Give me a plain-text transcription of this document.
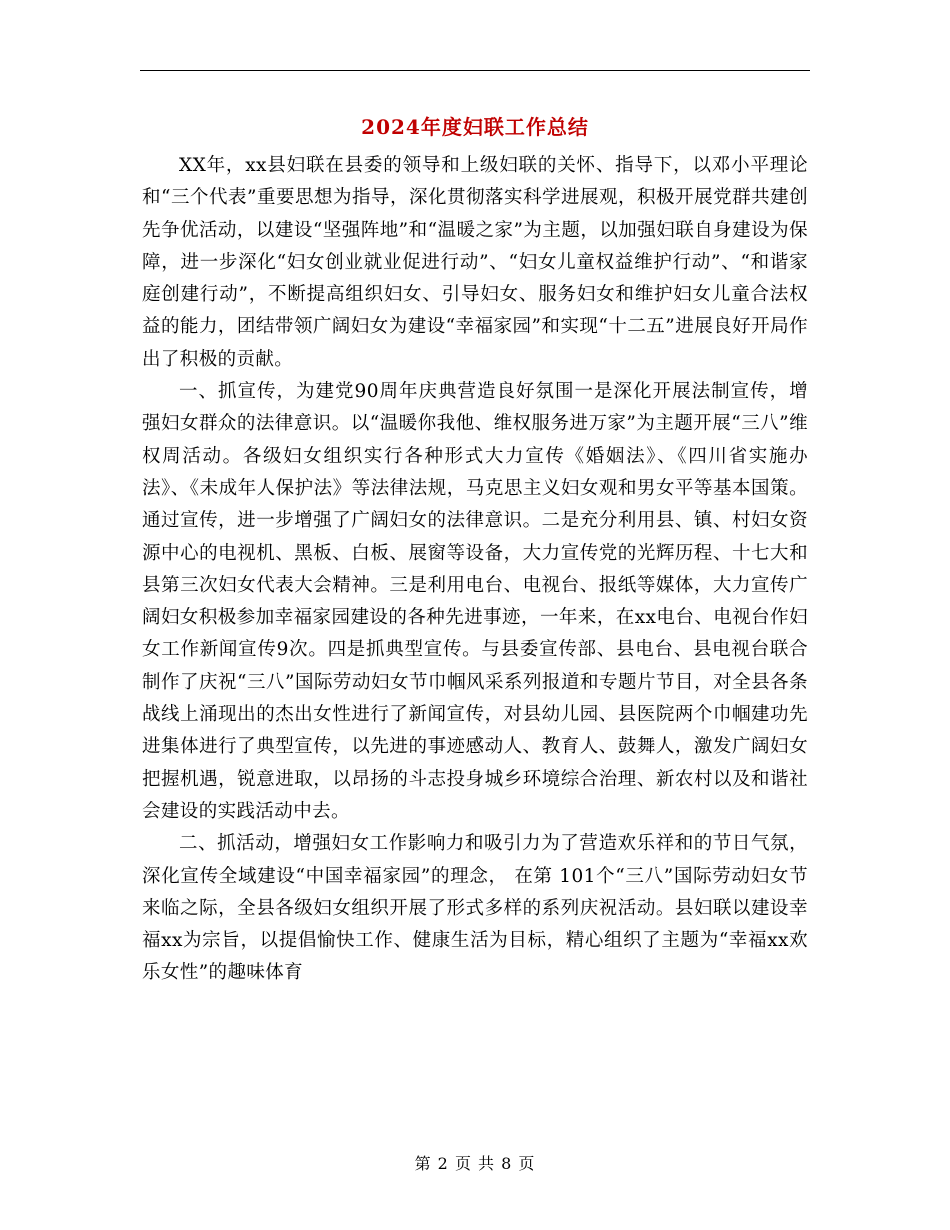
2024年度妇联工作总结

XX年，xx县妇联在县委的领导和上级妇联的关怀、指导下，以邓小平理论和“三个代表”重要思想为指导，深化贯彻落实科学进展观，积极开展党群共建创先争优活动，以建设“坚强阵地”和“温暖之家”为主题，以加强妇联自身建设为保障，进一步深化“妇女创业就业促进行动”、“妇女儿童权益维护行动”、“和谐家庭创建行动”，不断提高组织妇女、引导妇女、服务妇女和维护妇女儿童合法权益的能力，团结带领广阔妇女为建设“幸福家园”和实现“十二五”进展良好开局作出了积极的贡献。

一、抓宣传，为建党90周年庆典营造良好氛围一是深化开展法制宣传，增强妇女群众的法律意识。以“温暖你我他、维权服务进万家”为主题开展“三八”维权周活动。各级妇女组织实行各种形式大力宣传《婚姻法》、《四川省实施办法》、《未成年人保护法》等法律法规，马克思主义妇女观和男女平等基本国策。通过宣传，进一步增强了广阔妇女的法律意识。二是充分利用县、镇、村妇女资源中心的电视机、黑板、白板、展窗等设备，大力宣传党的光辉历程、十七大和县第三次妇女代表大会精神。三是利用电台、电视台、报纸等媒体，大力宣传广阔妇女积极参加幸福家园建设的各种先进事迹，一年来，在xx电台、电视台作妇女工作新闻宣传9次。四是抓典型宣传。与县委宣传部、县电台、县电视台联合制作了庆祝“三八”国际劳动妇女节巾帼风采系列报道和专题片节目，对全县各条战线上涌现出的杰出女性进行了新闻宣传，对县幼儿园、县医院两个巾帼建功先进集体进行了典型宣传，以先进的事迹感动人、教育人、鼓舞人，激发广阔妇女把握机遇，锐意进取，以昂扬的斗志投身城乡环境综合治理、新农村以及和谐社会建设的实践活动中去。

二、抓活动，增强妇女工作影响力和吸引力为了营造欢乐祥和的节日气氛，深化宣传全域建设“中国幸福家园”的理念， 在第 101个“三八”国际劳动妇女节来临之际，全县各级妇女组织开展了形式多样的系列庆祝活动。县妇联以建设幸福xx为宗旨，以提倡愉快工作、健康生活为目标，精心组织了主题为“幸福xx欢乐女性”的趣味体育

第 2 页 共 8 页
